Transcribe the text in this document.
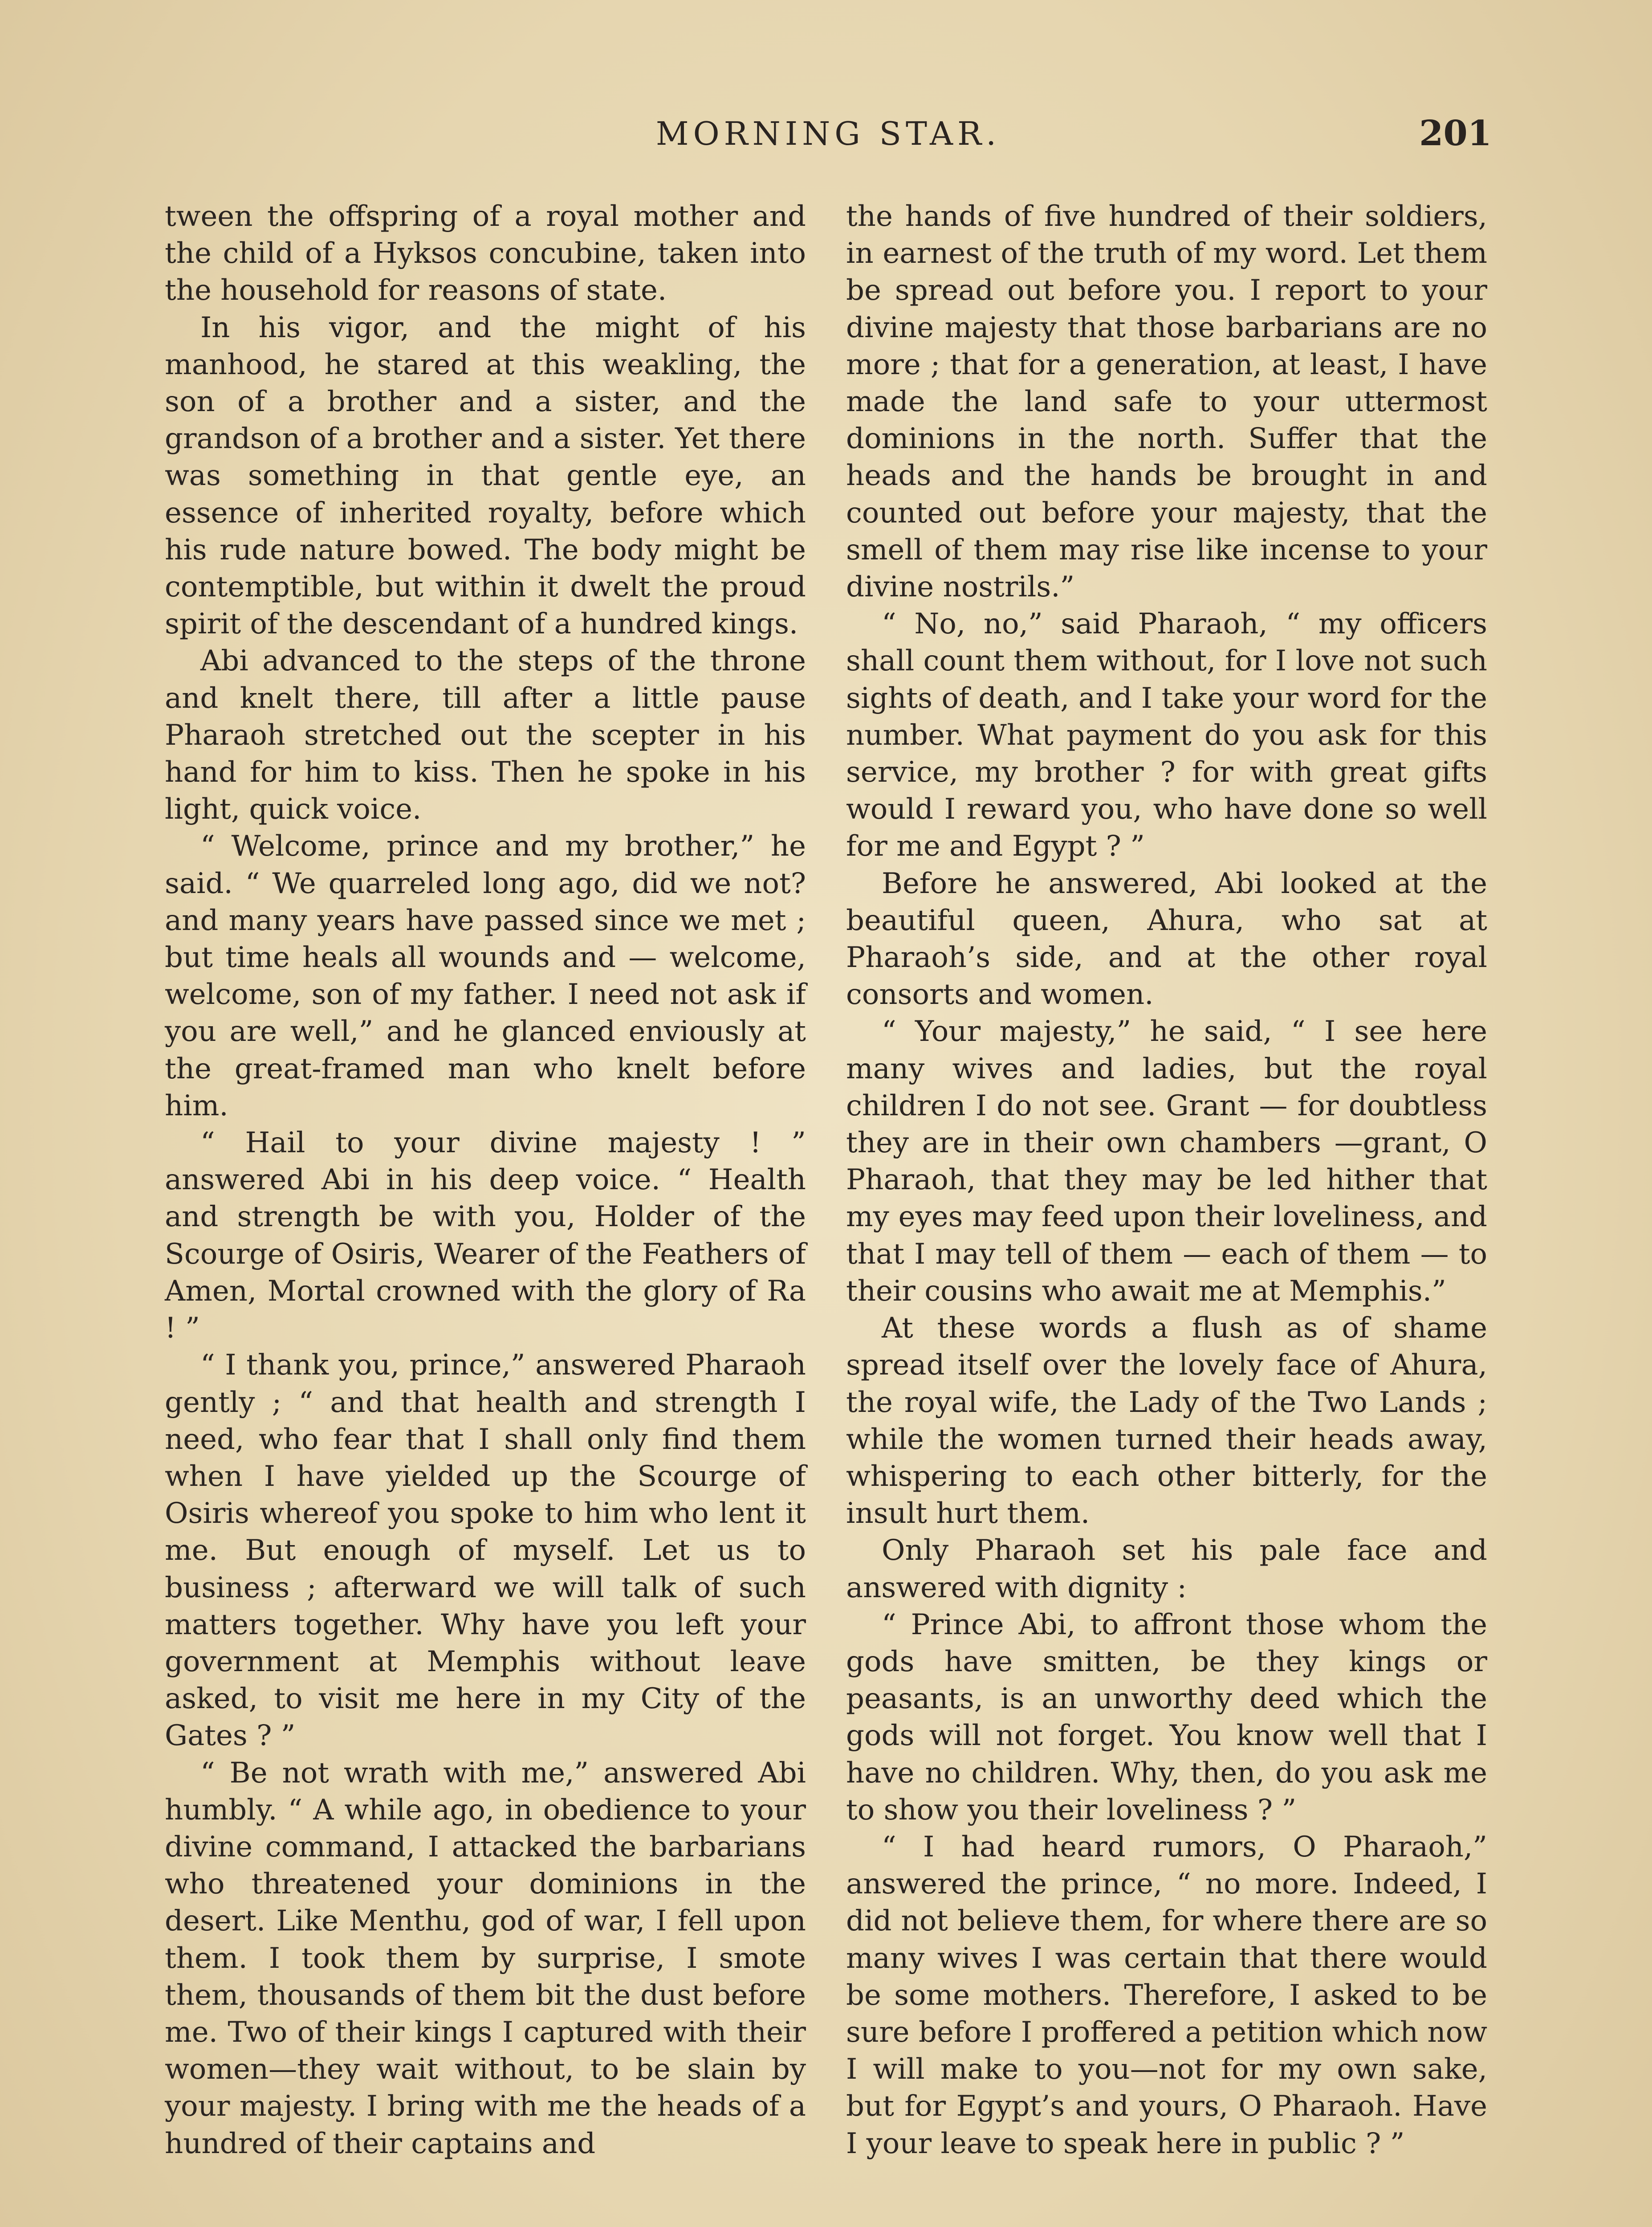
MORNING STAR.	201

tween the offspring of a royal mother and the child of a Hyksos concubine, taken into the household for reasons of state.

In his vigor, and the might of his manhood, he stared at this weakling, the son of a brother and a sister, and the grandson of a brother and a sister. Yet there was something in that gentle eye, an essence of inherited royalty, before which his rude nature bowed. The body might be contemptible, but within it dwelt the proud spirit of the descendant of a hundred kings.

Abi advanced to the steps of the throne and knelt there, till after a little pause Pharaoh stretched out the scepter in his hand for him to kiss. Then he spoke in his light, quick voice.

“ Welcome, prince and my brother,” he said. “ We quarreled long ago, did we not? and many years have passed since we met ; but time heals all wounds and — welcome, welcome, son of my father. I need not ask if you are well,” and he glanced enviously at the great-framed man who knelt before him.

“ Hail to your divine majesty ! ” answered Abi in his deep voice. “ Health and strength be with you, Holder of the Scourge of Osiris, Wearer of the Feathers of Amen, Mortal crowned with the glory of Ra ! ”

“ I thank you, prince,” answered Pharaoh gently ; “ and that health and strength I need, who fear that I shall only find them when I have yielded up the Scourge of Osiris whereof you spoke to him who lent it me. But enough of myself. Let us to business ; afterward we will talk of such matters together. Why have you left your government at Memphis without leave asked, to visit me here in my City of the Gates ? ”

“ Be not wrath with me,” answered Abi humbly. “ A while ago, in obedience to your divine command, I attacked the barbarians who threatened your dominions in the desert. Like Menthu, god of war, I fell upon them. I took them by surprise, I smote them, thousands of them bit the dust before me. Two of their kings I captured with their women—they wait without, to be slain by your majesty. I bring with me the heads of a hundred of their captains and

the hands of five hundred of their soldiers, in earnest of the truth of my word. Let them be spread out before you. I report to your divine majesty that those barbarians are no more ; that for a generation, at least, I have made the land safe to your uttermost dominions in the north. Suffer that the heads and the hands be brought in and counted out before your majesty, that the smell of them may rise like incense to your divine nostrils.”

“ No, no,” said Pharaoh, “ my officers shall count them without, for I love not such sights of death, and I take your word for the number. What payment do you ask for this service, my brother ? for with great gifts would I reward you, who have done so well for me and Egypt ? ”

Before he answered, Abi looked at the beautiful queen, Ahura, who sat at Pharaoh’s side, and at the other royal consorts and women.

“ Your majesty,” he said, “ I see here many wives and ladies, but the royal children I do not see. Grant — for doubtless they are in their own chambers —grant, O Pharaoh, that they may be led hither that my eyes may feed upon their loveliness, and that I may tell of them — each of them — to their cousins who await me at Memphis.”

At these words a flush as of shame spread itself over the lovely face of Ahura, the royal wife, the Lady of the Two Lands ; while the women turned their heads away, whispering to each other bitterly, for the insult hurt them.

Only Pharaoh set his pale face and answered with dignity :

“ Prince Abi, to affront those whom the gods have smitten, be they kings or peasants, is an unworthy deed which the gods will not forget. You know well that I have no children. Why, then, do you ask me to show you their loveliness ? ”

“ I had heard rumors, O Pharaoh,” answered the prince, “ no more. Indeed, I did not believe them, for where there are so many wives I was certain that there would be some mothers. Therefore, I asked to be sure before I proffered a petition which now I will make to you—not for my own sake, but for Egypt’s and yours, O Pharaoh. Have I your leave to speak here in public ? ”
